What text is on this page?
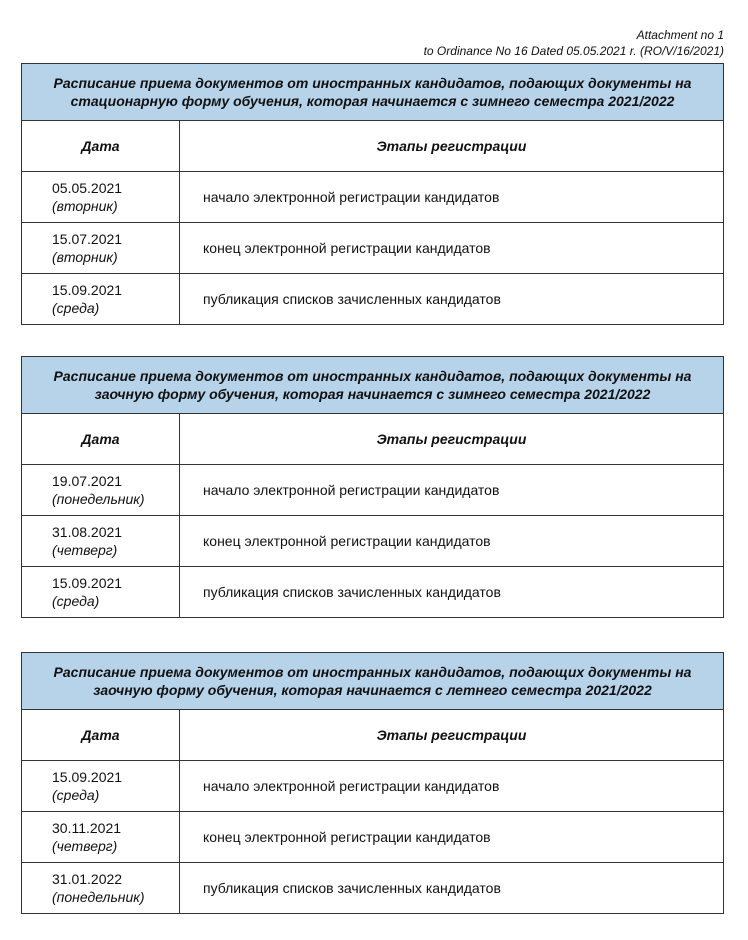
Attachment no 1
to Ordinance No 16 Dated 05.05.2021 r. (RO/V/16/2021)
Расписание приема документов от иностранных кандидатов, подающих документы на стационарную форму обучения, которая начинается с зимнего семестра 2021/2022	
Дата	Этапы регистрации

05.05.2021
(вторник)	начало электронной регистрации кандидатов

15.07.2021
(вторник)	конец электронной регистрации кандидатов

15.09.2021
(среда)	публикация списков зачисленных кандидатов
Расписание приема документов от иностранных кандидатов, подающих документы на заочную форму обучения, которая начинается с зимнего семестра 2021/2022	
Дата	Этапы регистрации

19.07.2021
(понедельник)	начало электронной регистрации кандидатов

31.08.2021
(четверг)	конец электронной регистрации кандидатов

15.09.2021
(среда)	публикация списков зачисленных кандидатов
Расписание приема документов от иностранных кандидатов, подающих документы на заочную форму обучения, которая начинается с летнего семестра 2021/2022	
Дата	Этапы регистрации

15.09.2021
(среда)	начало электронной регистрации кандидатов

30.11.2021
(четверг)	конец электронной регистрации кандидатов

31.01.2022
(понедельник)	публикация списков зачисленных кандидатов
